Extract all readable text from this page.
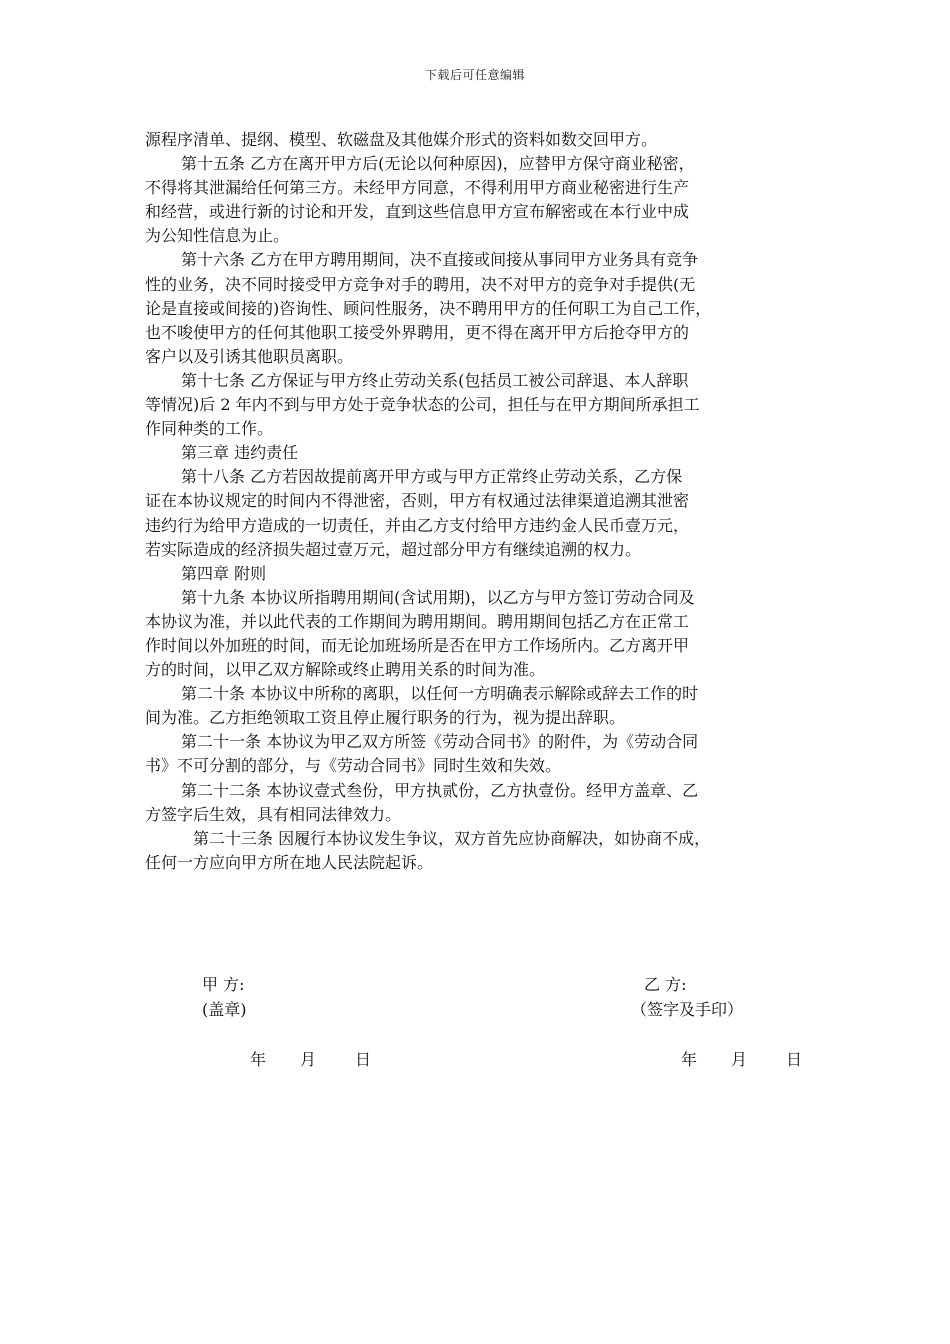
下载后可任意编辑
源程序清单、提纲、模型、软磁盘及其他媒介形式的资料如数交回甲方。
第十五条 乙方在离开甲方后(无论以何种原因)，应替甲方保守商业秘密，
不得将其泄漏给任何第三方。未经甲方同意，不得利用甲方商业秘密进行生产
和经营，或进行新的讨论和开发，直到这些信息甲方宣布解密或在本行业中成
为公知性信息为止。
第十六条 乙方在甲方聘用期间，决不直接或间接从事同甲方业务具有竞争
性的业务，决不同时接受甲方竞争对手的聘用，决不对甲方的竞争对手提供(无
论是直接或间接的)咨询性、顾问性服务，决不聘用甲方的任何职工为自己工作，
也不唆使甲方的任何其他职工接受外界聘用，更不得在离开甲方后抢夺甲方的
客户以及引诱其他职员离职。
第十七条 乙方保证与甲方终止劳动关系(包括员工被公司辞退、本人辞职
等情况)后 2 年内不到与甲方处于竞争状态的公司，担任与在甲方期间所承担工
作同种类的工作。
第三章 违约责任
第十八条 乙方若因故提前离开甲方或与甲方正常终止劳动关系，乙方保
证在本协议规定的时间内不得泄密，否则，甲方有权通过法律渠道追溯其泄密
违约行为给甲方造成的一切责任，并由乙方支付给甲方违约金人民币壹万元，
若实际造成的经济损失超过壹万元，超过部分甲方有继续追溯的权力。
第四章 附则
第十九条 本协议所指聘用期间(含试用期)，以乙方与甲方签订劳动合同及
本协议为准，并以此代表的工作期间为聘用期间。聘用期间包括乙方在正常工
作时间以外加班的时间，而无论加班场所是否在甲方工作场所内。乙方离开甲
方的时间，以甲乙双方解除或终止聘用关系的时间为准。
第二十条 本协议中所称的离职，以任何一方明确表示解除或辞去工作的时
间为准。乙方拒绝领取工资且停止履行职务的行为，视为提出辞职。
第二十一条 本协议为甲乙双方所签《劳动合同书》的附件，为《劳动合同
书》不可分割的部分，与《劳动合同书》同时生效和失效。
第二十二条 本协议壹式叁份，甲方执贰份，乙方执壹份。经甲方盖章、乙
方签字后生效，具有相同法律效力。
第二十三条 因履行本协议发生争议，双方首先应协商解决，如协商不成，
任何一方应向甲方所在地人民法院起诉。
甲 方:
(盖章)
乙 方:
（签字及手印）
年 月 日	年 月 日
